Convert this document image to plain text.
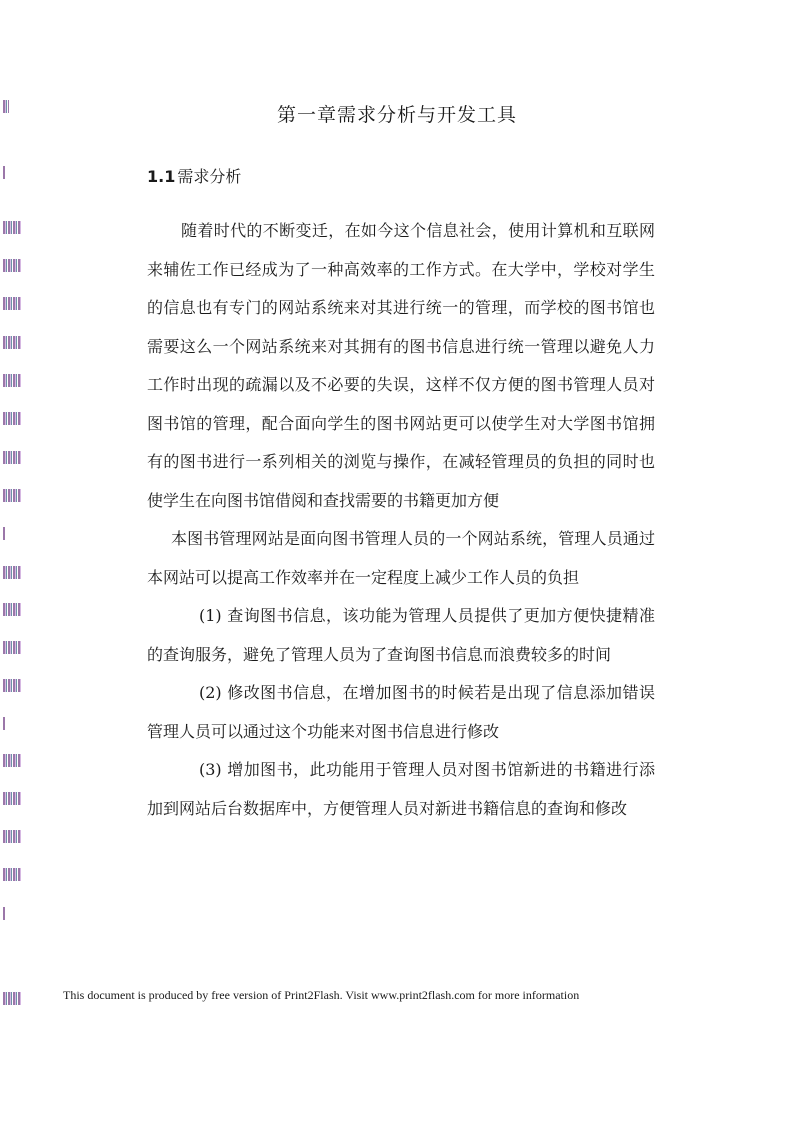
第一章需求分析与开发工具
1.1 需求分析

随着时代的不断变迁，在如今这个信息社会，使用计算机和互联网来辅佐工作已经成为了一种高效率的工作方式。在大学中，学校对学生的信息也有专门的网站系统来对其进行统一的管理，而学校的图书馆也需要这么一个网站系统来对其拥有的图书信息进行统一管理以避免人力工作时出现的疏漏以及不必要的失误，这样不仅方便的图书管理人员对图书馆的管理，配合面向学生的图书网站更可以使学生对大学图书馆拥有的图书进行一系列相关的浏览与操作，在减轻管理员的负担的同时也使学生在向图书馆借阅和查找需要的书籍更加方便

本图书管理网站是面向图书管理人员的一个网站系统，管理人员通过本网站可以提高工作效率并在一定程度上减少工作人员的负担

(1) 查询图书信息，该功能为管理人员提供了更加方便快捷精准的查询服务，避免了管理人员为了查询图书信息而浪费较多的时间

(2) 修改图书信息，在增加图书的时候若是出现了信息添加错误管理人员可以通过这个功能来对图书信息进行修改

(3) 增加图书，此功能用于管理人员对图书馆新进的书籍进行添加到网站后台数据库中，方便管理人员对新进书籍信息的查询和修改

This document is produced by free version of Print2Flash. Visit www.print2flash.com for more information
